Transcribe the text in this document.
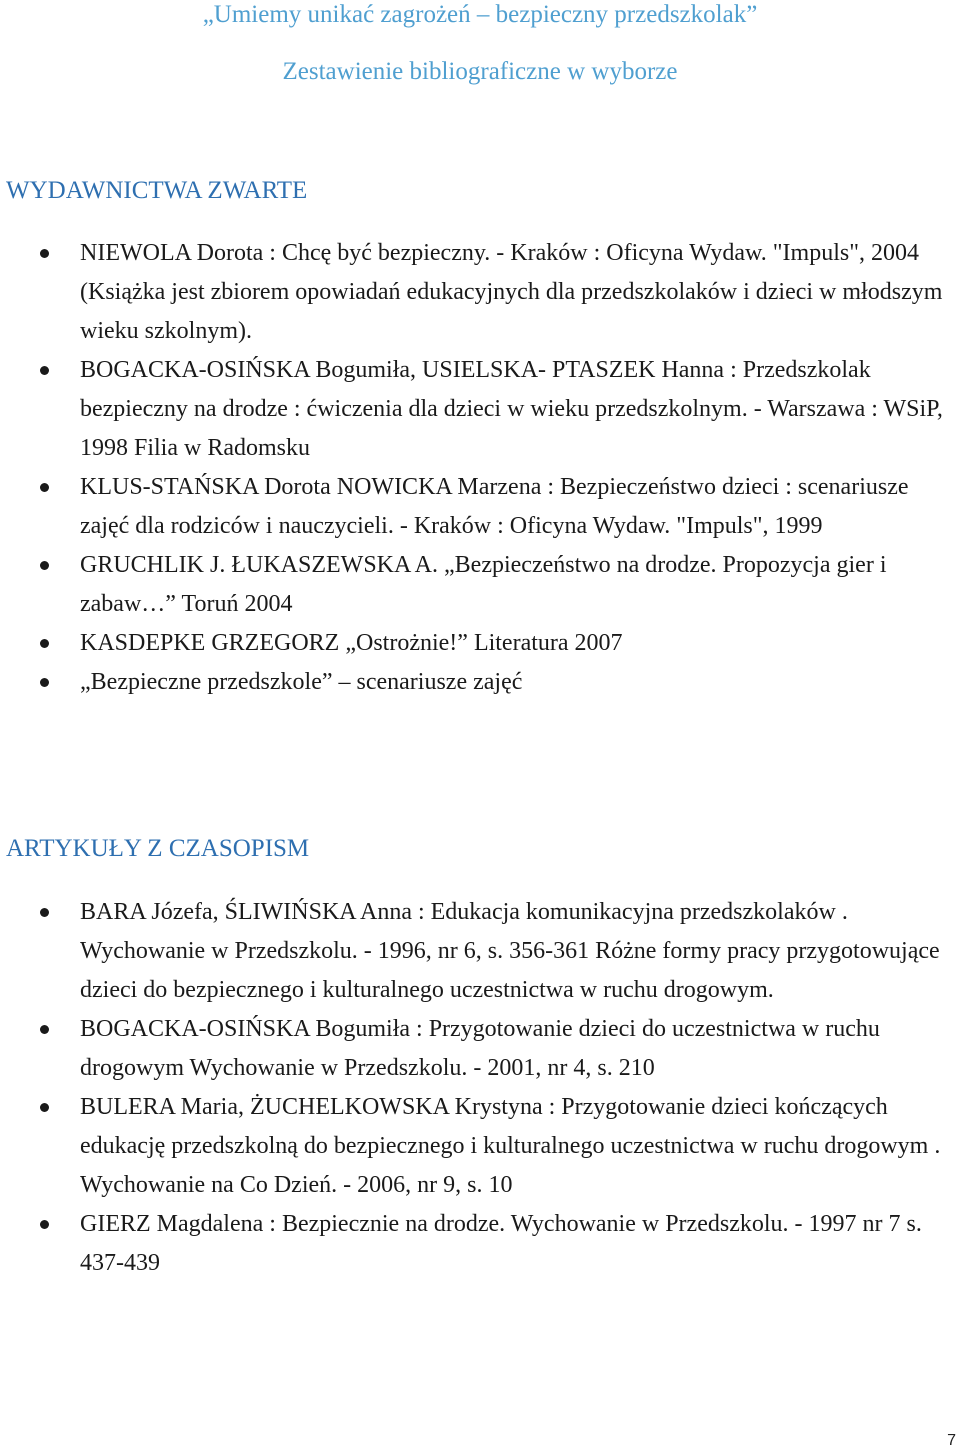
„Umiemy unikać zagrożeń – bezpieczny przedszkolak”
Zestawienie bibliograficzne w wyborze
WYDAWNICTWA ZWARTE
NIEWOLA Dorota : Chcę być bezpieczny. - Kraków : Oficyna Wydaw. "Impuls", 2004 (Książka jest zbiorem opowiadań edukacyjnych dla przedszkolaków i dzieci w młodszym wieku szkolnym).
BOGACKA-OSIŃSKA Bogumiła, USIELSKA- PTASZEK Hanna : Przedszkolak bezpieczny na drodze : ćwiczenia dla dzieci w wieku przedszkolnym. - Warszawa : WSiP, 1998 Filia w Radomsku
KLUS-STAŃSKA Dorota NOWICKA Marzena : Bezpieczeństwo dzieci : scenariusze zajęć dla rodziców i nauczycieli. - Kraków : Oficyna Wydaw. "Impuls", 1999
GRUCHLIK J. ŁUKASZEWSKA A. „Bezpieczeństwo na drodze. Propozycja gier i zabaw…” Toruń 2004
KASDEPKE GRZEGORZ „Ostrożnie!” Literatura 2007
„Bezpieczne przedszkole” – scenariusze zajęć
ARTYKUŁY Z CZASOPISM
BARA Józefa, ŚLIWIŃSKA Anna : Edukacja komunikacyjna przedszkolaków . Wychowanie w Przedszkolu. - 1996, nr 6, s. 356-361 Różne formy pracy przygotowujące dzieci do bezpiecznego i kulturalnego uczestnictwa w ruchu drogowym.
BOGACKA-OSIŃSKA Bogumiła : Przygotowanie dzieci do uczestnictwa w ruchu drogowym Wychowanie w Przedszkolu. - 2001, nr 4, s. 210
BULERA Maria, ŻUCHELKOWSKA Krystyna : Przygotowanie dzieci kończących edukację przedszkolną do bezpiecznego i kulturalnego uczestnictwa w ruchu drogowym . Wychowanie na Co Dzień. - 2006, nr 9, s. 10
GIERZ Magdalena : Bezpiecznie na drodze. Wychowanie w Przedszkolu. - 1997 nr 7 s. 437-439
7
